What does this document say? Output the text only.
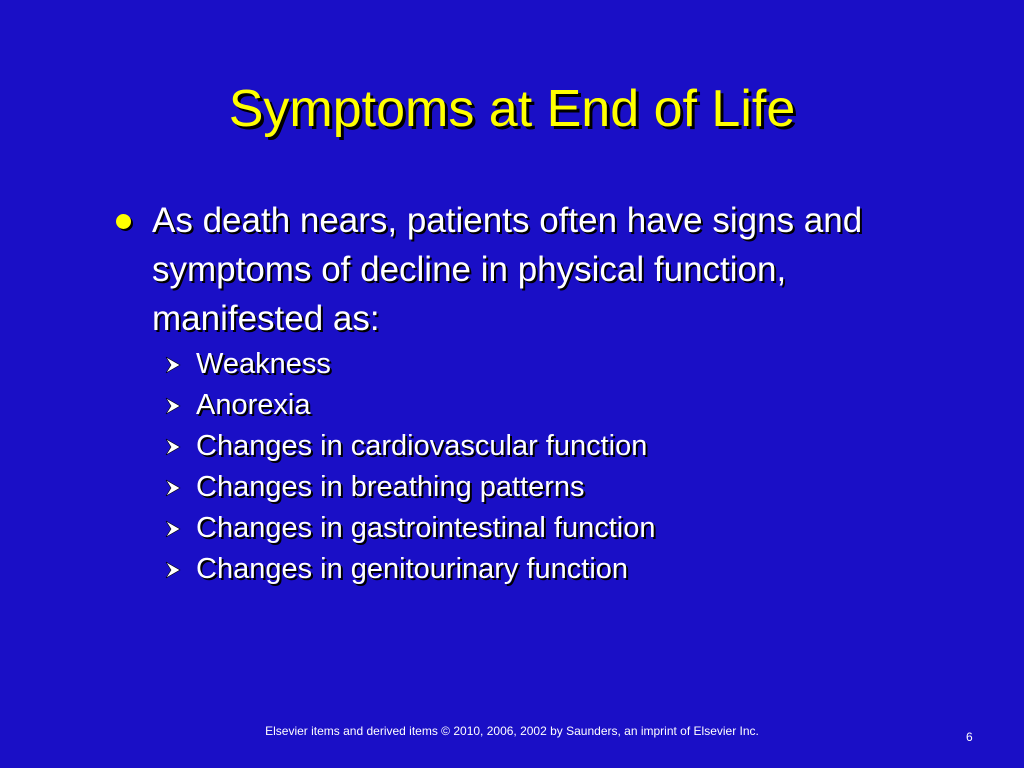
Symptoms at End of Life
As death nears, patients often have signs and symptoms of decline in physical function, manifested as:
Weakness
Anorexia
Changes in cardiovascular function
Changes in breathing patterns
Changes in gastrointestinal function
Changes in genitourinary function
Elsevier items and derived items © 2010, 2006, 2002 by Saunders, an imprint of Elsevier Inc.	6
